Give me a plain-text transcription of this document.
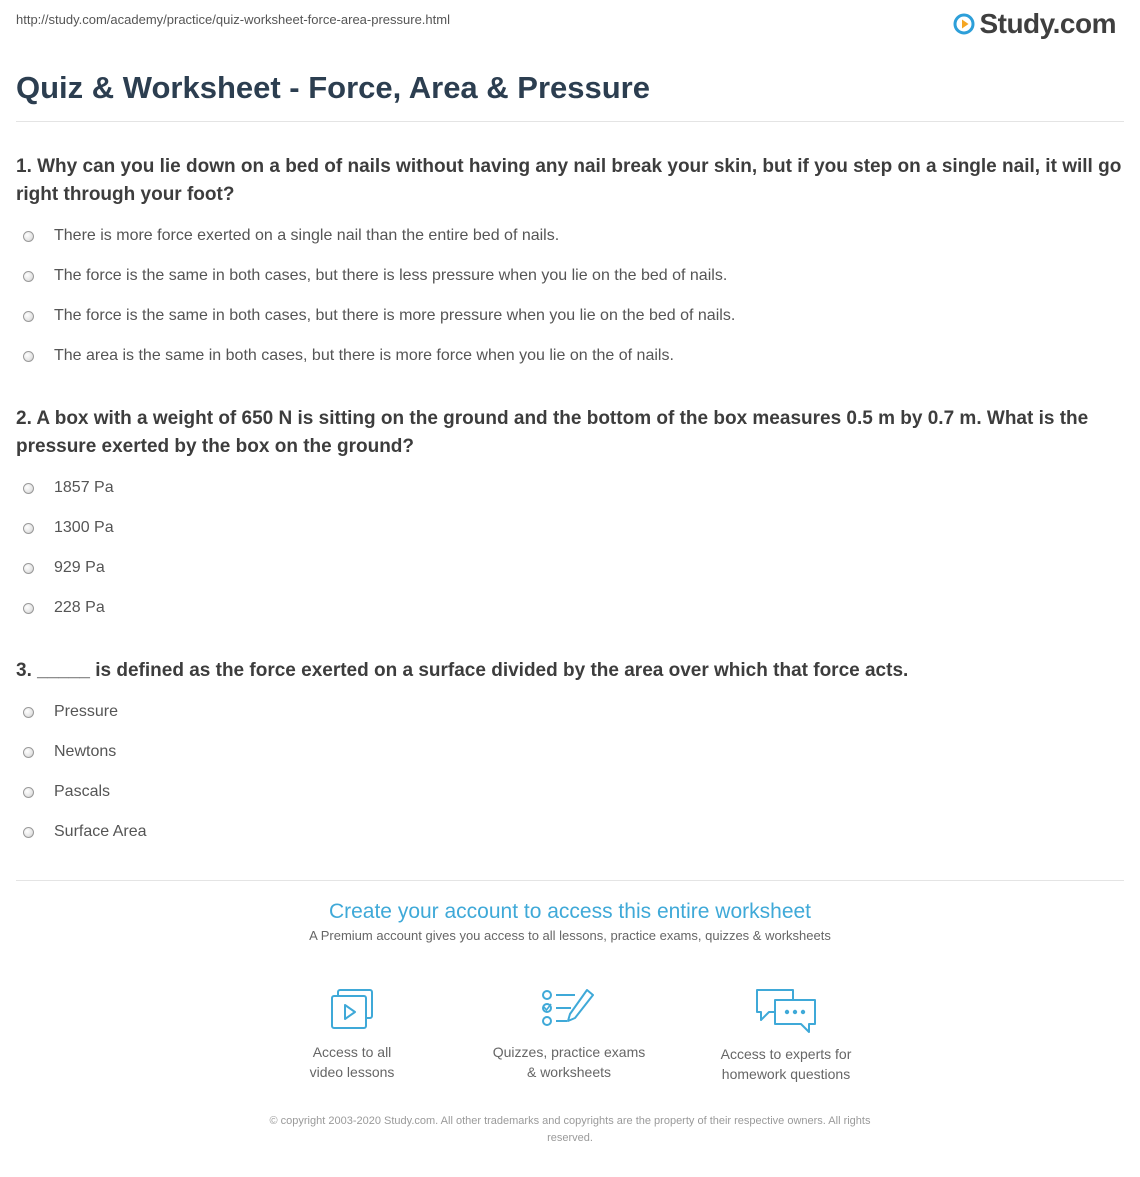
http://study.com/academy/practice/quiz-worksheet-force-area-pressure.html	Study.com
Quiz & Worksheet - Force, Area & Pressure

1. Why can you lie down on a bed of nails without having any nail break your skin, but if you step on a single nail, it will go right through your foot?

There is more force exerted on a single nail than the entire bed of nails.
The force is the same in both cases, but there is less pressure when you lie on the bed of nails.
The force is the same in both cases, but there is more pressure when you lie on the bed of nails.
The area is the same in both cases, but there is more force when you lie on the of nails.

2. A box with a weight of 650 N is sitting on the ground and the bottom of the box measures 0.5 m by 0.7 m. What is the pressure exerted by the box on the ground?

1857 Pa
1300 Pa
929 Pa
228 Pa

3. _____ is defined as the force exerted on a surface divided by the area over which that force acts.

Pressure
Newtons
Pascals
Surface Area
Create your account to access this entire worksheet
A Premium account gives you access to all lessons, practice exams, quizzes & worksheets
Access to all
video lessons
Quizzes, practice exams
& worksheets
Access to experts for
homework questions
© copyright 2003-2020 Study.com. All other trademarks and copyrights are the property of their respective owners. All rights
reserved.
